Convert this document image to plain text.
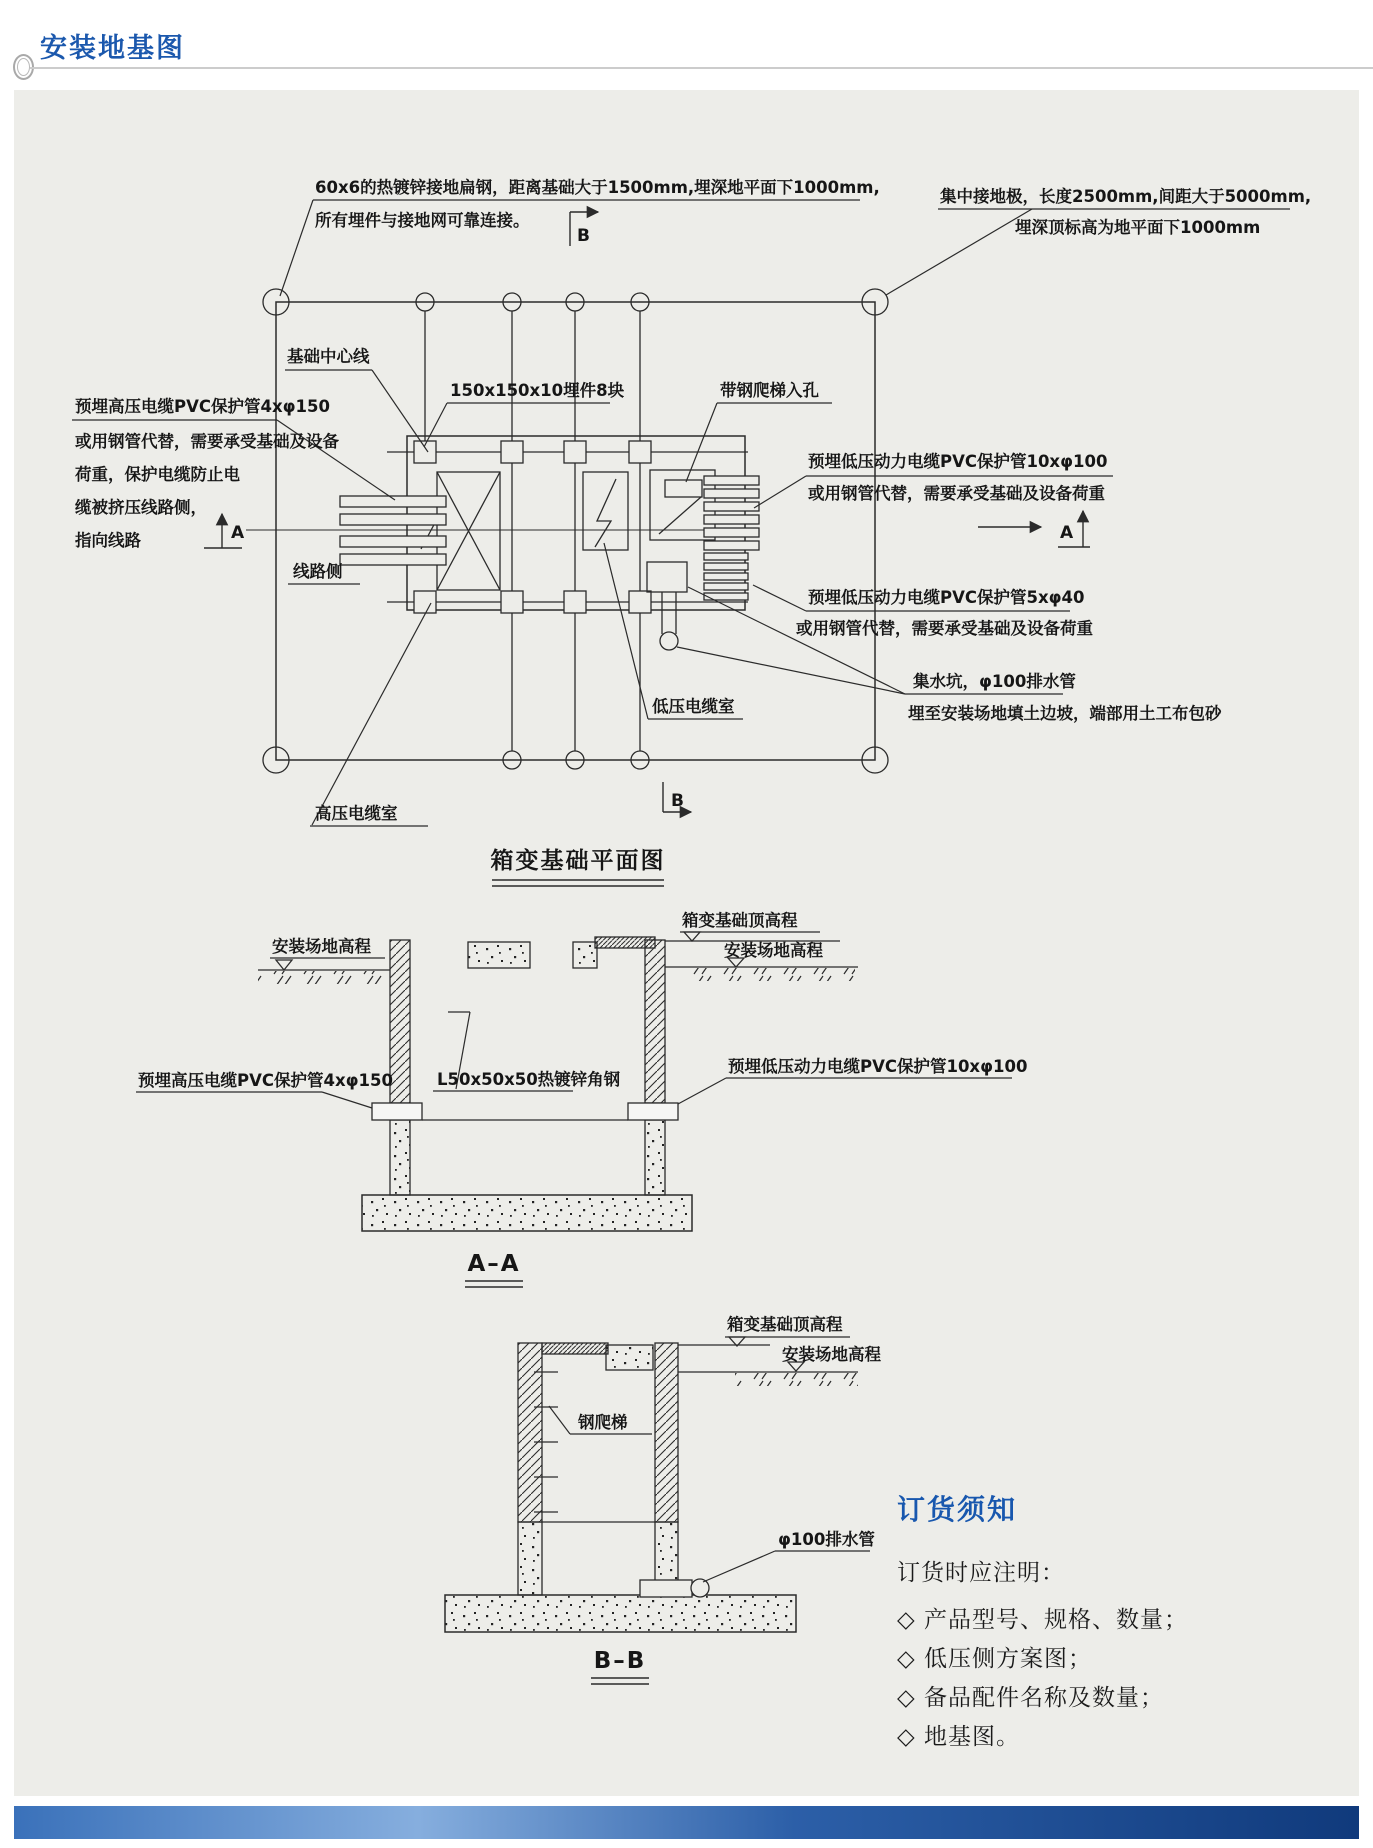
安装地基图
60x6的热镀锌接地扁钢，距离基础大于1500mm,埋深地平面下1000mm,
所有埋件与接地网可靠连接。
集中接地极，长度2500mm,间距大于5000mm,
埋深顶标高为地平面下1000mm
基础中心线
150x150x10埋件8块	带钢爬梯入孔
预埋高压电缆PVC保护管4xφ150
或用钢管代替，需要承受基础及设备
荷重，保护电缆防止电
缆被挤压线路侧，
指向线路
线路侧
预埋低压动力电缆PVC保护管10xφ100
或用钢管代替，需要承受基础及设备荷重
预埋低压动力电缆PVC保护管5xφ40
或用钢管代替，需要承受基础及设备荷重
集水坑，φ100排水管
埋至安装场地填土边坡，端部用土工布包砂
低压电缆室
高压电缆室
B
B
A	A
箱变基础平面图
安装场地高程
箱变基础顶高程
安装场地高程
L50x50x50热镀锌角钢
预埋高压电缆PVC保护管4xφ150
预埋低压动力电缆PVC保护管10xφ100
A–A
箱变基础顶高程
安装场地高程
钢爬梯
φ100排水管
B–B
订货须知
订货时应注明：
◇ 产品型号、规格、数量；
◇ 低压侧方案图；
◇ 备品配件名称及数量；
◇ 地基图。
